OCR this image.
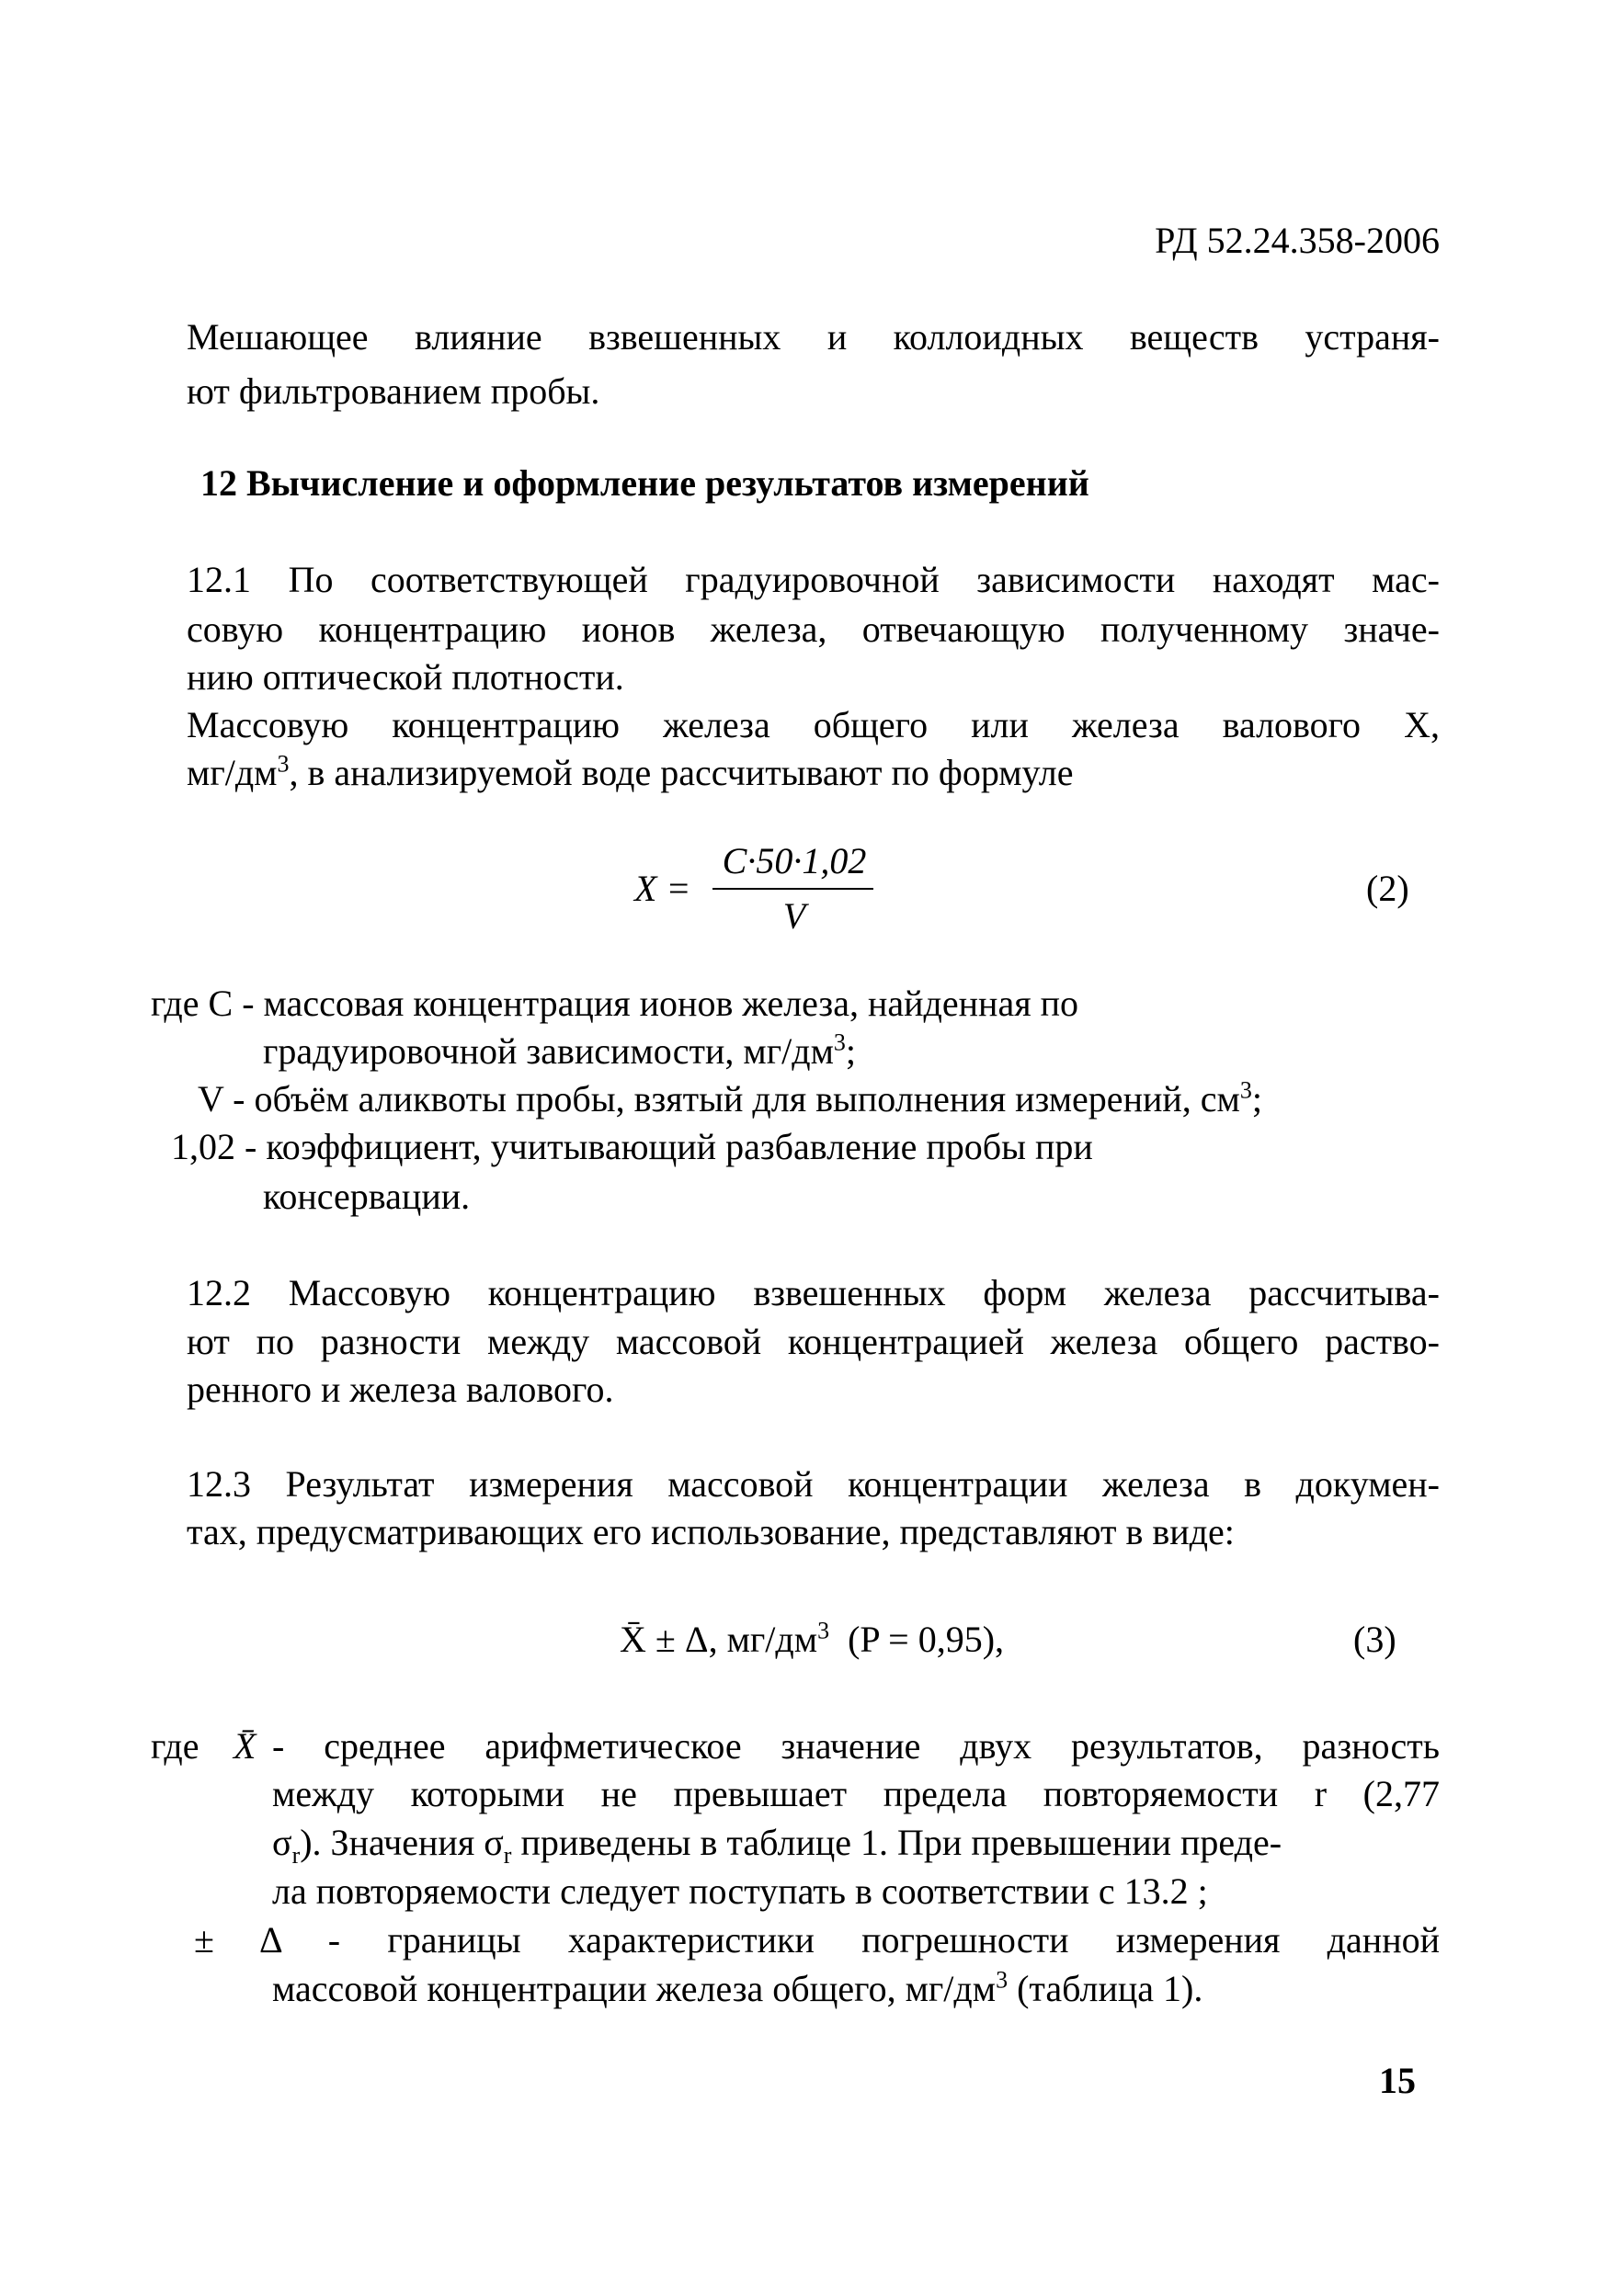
РД 52.24.358-2006
Мешающее влияние взвешенных и коллоидных веществ устраня-
ют фильтрованием пробы.
12 Вычисление и оформление результатов измерений
12.1 По соответствующей градуировочной зависимости находят мас-
совую концентрацию ионов железа, отвечающую полученному значе-
нию оптической плотности.
Массовую концентрацию железа общего или железа валового X,
$мг/дм^3$, в анализируемой воде рассчитывают по формуле
X =
C·50·1,02
V
(2)
где C - массовая концентрация ионов железа, найденная по
градуировочной зависимости, $мг/дм^3$;
V - объём аликвоты пробы, взятый для выполнения измерений, $см^3$;
1,02 - коэффициент, учитывающий разбавление пробы при
консервации.
12.2 Массовую концентрацию взвешенных форм железа рассчитыва-
ют по разности между массовой концентрацией железа общего раство-
ренного и железа валового.
12.3 Результат измерения массовой концентрации железа в докумен-
тах, предусматривающих его использование, представляют в виде:
X̄ ± Δ, $мг/дм^3$ (P = 0,95),	(3)
где X̄ - среднее арифметическое значение двух результатов, разность
между которыми не превышает предела повторяемости r (2,77
$\sigma_r$). Значения $\sigma_r$ приведены в таблице 1. При превышении преде-
ла повторяемости следует поступать в соответствии с 13.2 ;
± Δ - границы характеристики погрешности измерения данной
массовой концентрации железа общего, $мг/дм^3$ (таблица 1).
15
